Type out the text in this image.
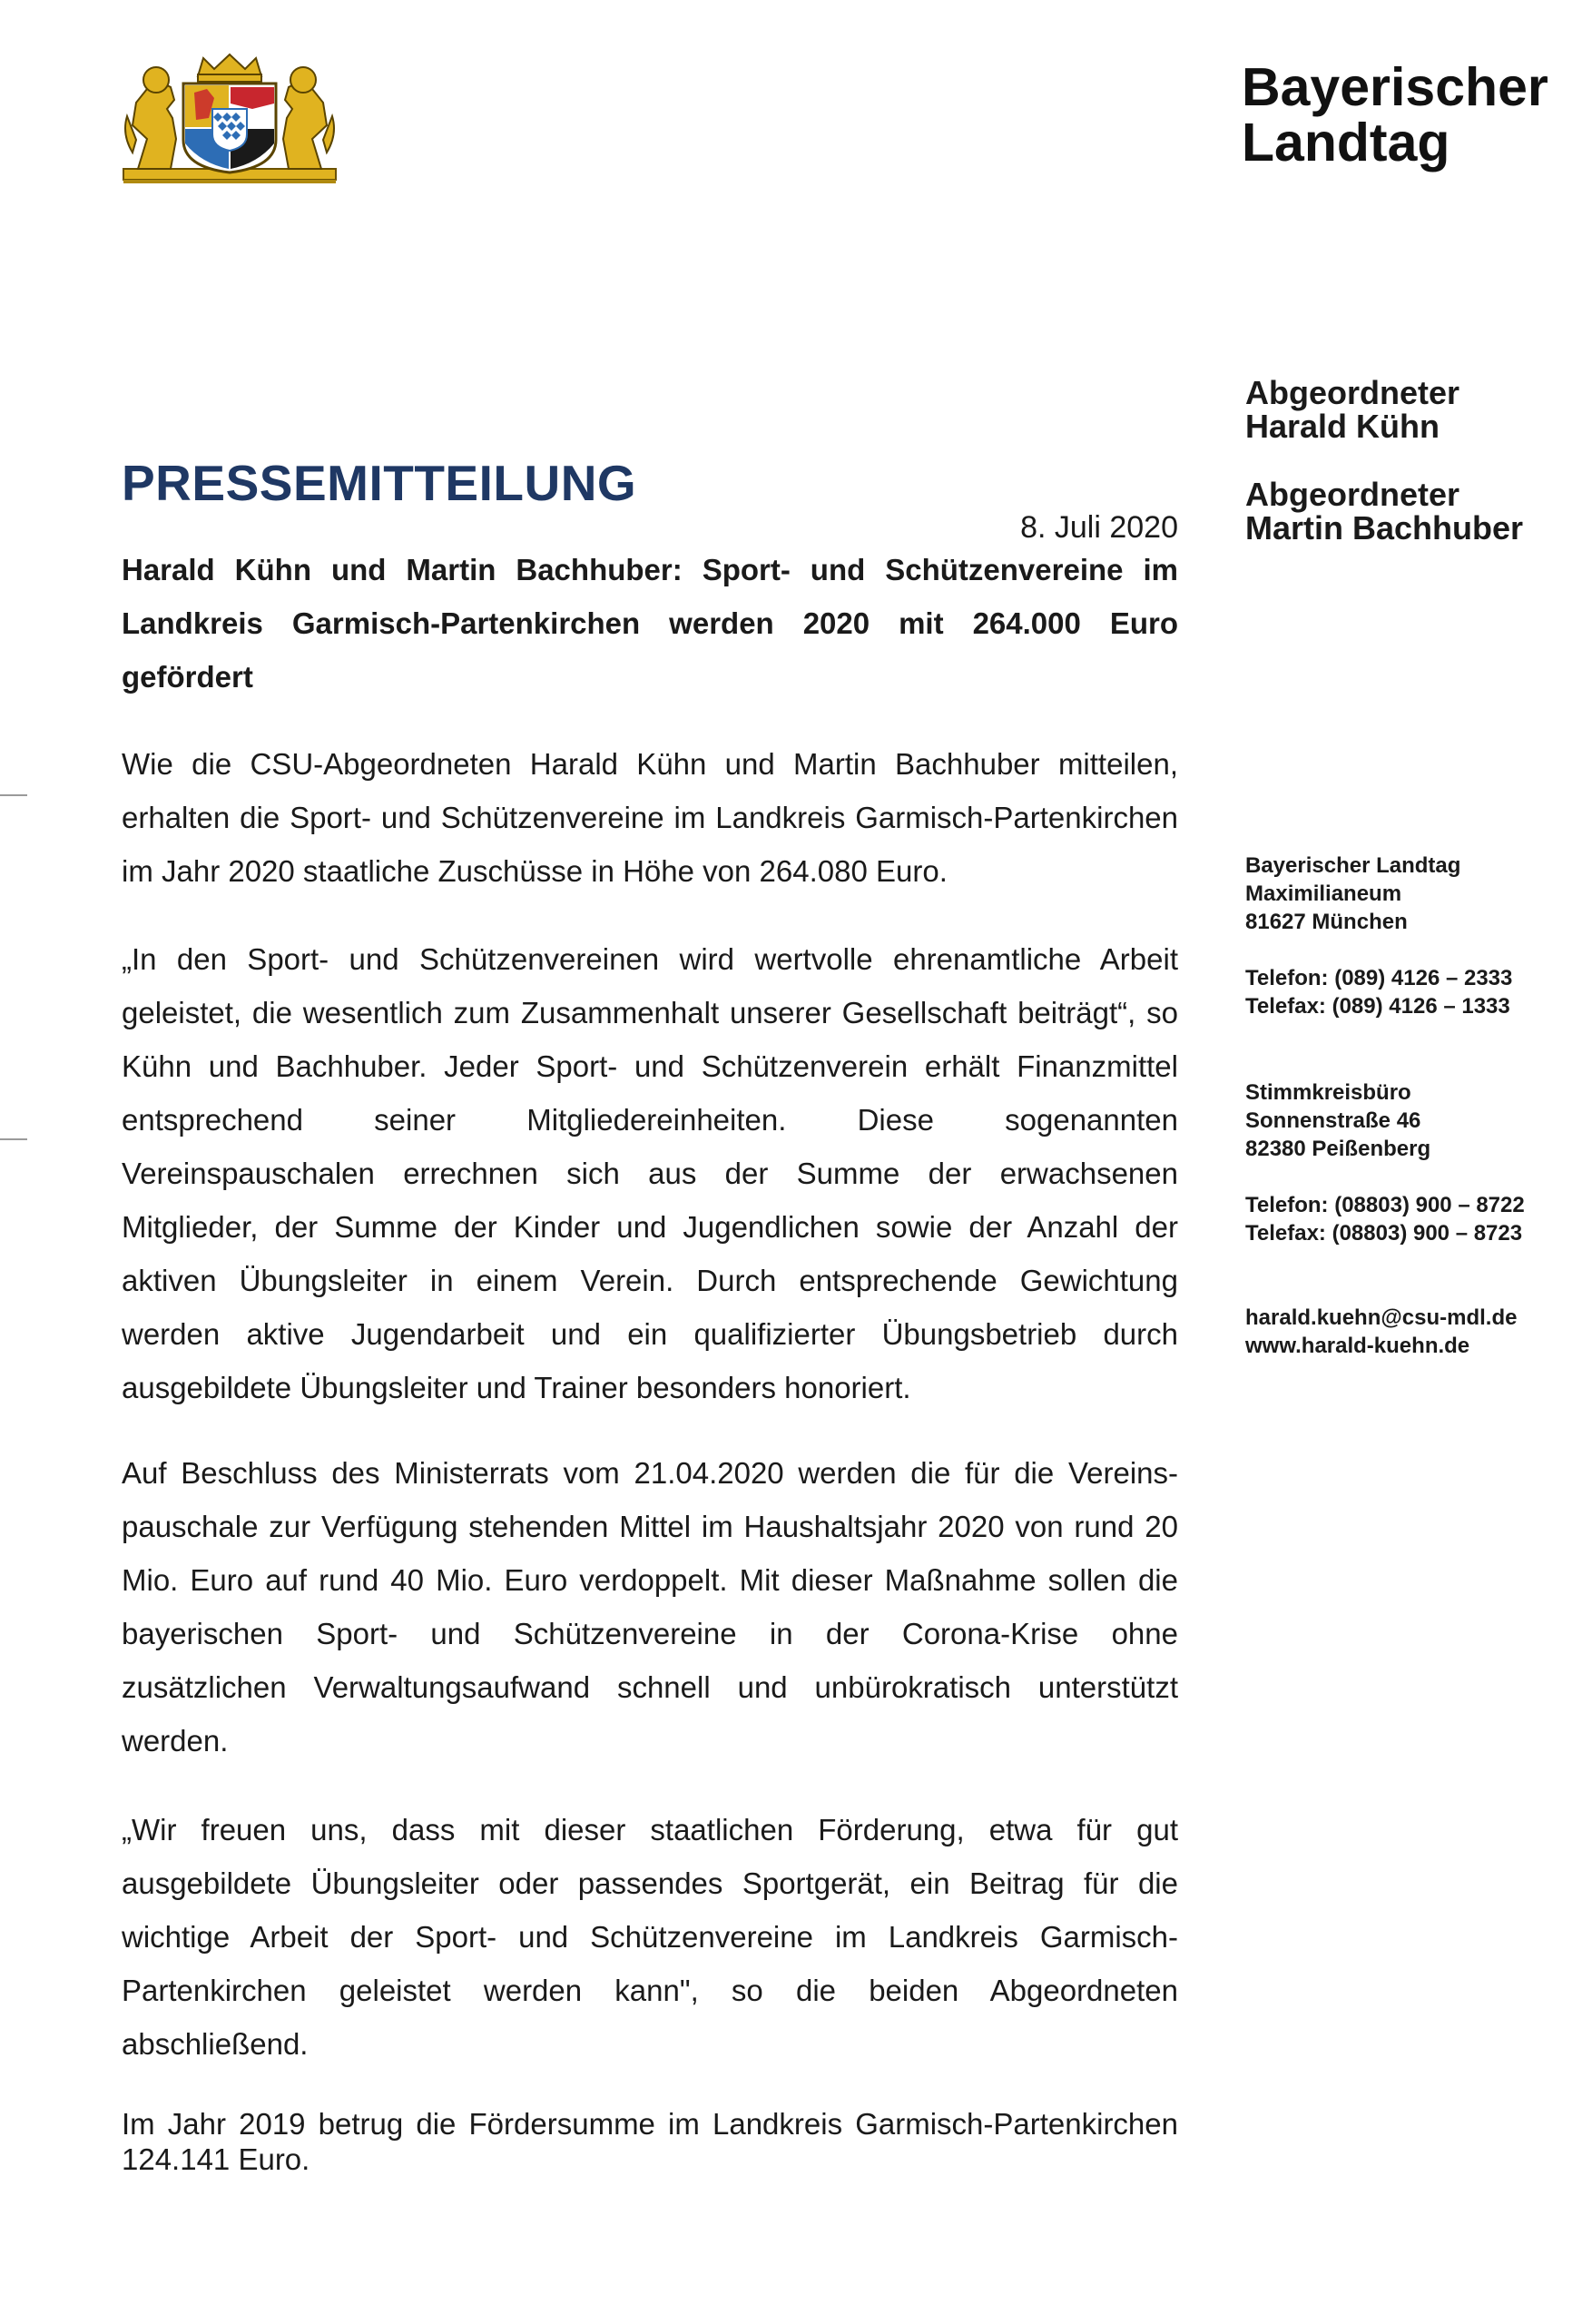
Bayerischer
Landtag
PRESSEMITTEILUNG
8. Juli 2020
Harald Kühn und Martin Bachhuber: Sport- und Schützenvereine im Landkreis Garmisch-Partenkirchen werden 2020 mit 264.000 Euro gefördert
Wie die CSU-Abgeordneten Harald Kühn und Martin Bachhuber mitteilen, erhalten die Sport- und Schützenvereine im Landkreis Garmisch-Partenkirchen im Jahr 2020 staatliche Zuschüsse in Höhe von 264.080 Euro.
„In den Sport- und Schützenvereinen wird wertvolle ehrenamtliche Arbeit geleistet, die wesentlich zum Zusammenhalt unserer Gesellschaft beiträgt“, so Kühn und Bachhuber. Jeder Sport- und Schützenverein erhält Finanzmittel entsprechend seiner Mitgliedereinheiten. Diese sogenannten Vereinspauschalen errechnen sich aus der Summe der erwachsenen Mitglieder, der Summe der Kinder und Jugendlichen sowie der Anzahl der aktiven Übungsleiter in einem Verein. Durch entsprechende Gewichtung werden aktive Jugendarbeit und ein qualifizierter Übungsbetrieb durch ausgebildete Übungsleiter und Trainer besonders honoriert.
Auf Beschluss des Ministerrats vom 21.04.2020 werden die für die Vereins-pauschale zur Verfügung stehenden Mittel im Haushaltsjahr 2020 von rund 20 Mio. Euro auf rund 40 Mio. Euro verdoppelt. Mit dieser Maßnahme sollen die bayerischen Sport- und Schützenvereine in der Corona-Krise ohne zusätzlichen Verwaltungsaufwand schnell und unbürokratisch unterstützt werden.
„Wir freuen uns, dass mit dieser staatlichen Förderung, etwa für gut ausgebildete Übungsleiter oder passendes Sportgerät, ein Beitrag für die wichtige Arbeit der Sport- und Schützenvereine im Landkreis Garmisch-Partenkirchen geleistet werden kann", so die beiden Abgeordneten abschließend.
Im Jahr 2019 betrug die Fördersumme im Landkreis Garmisch-Partenkirchen 124.141 Euro.
Abgeordneter
Harald Kühn
Abgeordneter
Martin Bachhuber
Bayerischer Landtag
Maximilianeum
81627 München
Telefon: (089) 4126 – 2333
Telefax: (089) 4126 – 1333
Stimmkreisbüro
Sonnenstraße 46
82380 Peißenberg
Telefon: (08803) 900 – 8722
Telefax: (08803) 900 – 8723
harald.kuehn@csu-mdl.de
www.harald-kuehn.de
